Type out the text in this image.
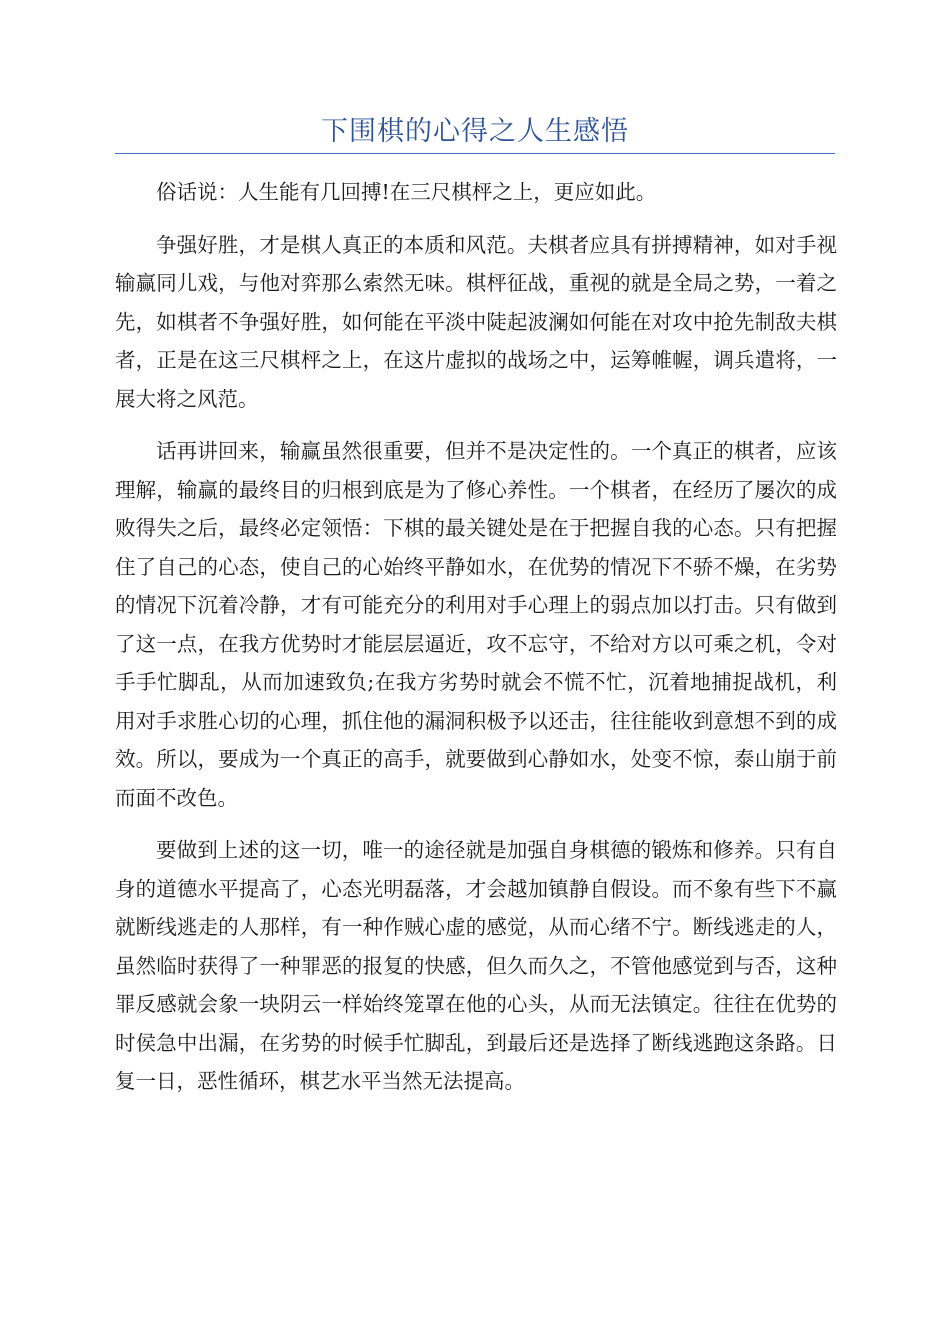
下围棋的心得之人生感悟

俗话说：人生能有几回搏!在三尺棋枰之上，更应如此。

争强好胜，才是棋人真正的本质和风范。夫棋者应具有拼搏精神，如对手视输赢同儿戏，与他对弈那么索然无味。棋枰征战，重视的就是全局之势，一着之先，如棋者不争强好胜，如何能在平淡中陡起波澜如何能在对攻中抢先制敌夫棋者，正是在这三尺棋枰之上，在这片虚拟的战场之中，运筹帷幄，调兵遣将，一展大将之风范。

话再讲回来，输赢虽然很重要，但并不是决定性的。一个真正的棋者，应该理解，输赢的最终目的归根到底是为了修心养性。一个棋者，在经历了屡次的成败得失之后，最终必定领悟：下棋的最关键处是在于把握自我的心态。只有把握住了自己的心态，使自己的心始终平静如水，在优势的情况下不骄不燥，在劣势的情况下沉着冷静，才有可能充分的利用对手心理上的弱点加以打击。只有做到了这一点，在我方优势时才能层层逼近，攻不忘守，不给对方以可乘之机，令对手手忙脚乱，从而加速致负;在我方劣势时就会不慌不忙，沉着地捕捉战机，利用对手求胜心切的心理，抓住他的漏洞积极予以还击，往往能收到意想不到的成效。所以，要成为一个真正的高手，就要做到心静如水，处变不惊，泰山崩于前而面不改色。

要做到上述的这一切，唯一的途径就是加强自身棋德的锻炼和修养。只有自身的道德水平提高了，心态光明磊落，才会越加镇静自假设。而不象有些下不赢就断线逃走的人那样，有一种作贼心虚的感觉，从而心绪不宁。断线逃走的人，虽然临时获得了一种罪恶的报复的快感，但久而久之，不管他感觉到与否，这种罪反感就会象一块阴云一样始终笼罩在他的心头，从而无法镇定。往往在优势的时侯急中出漏，在劣势的时候手忙脚乱，到最后还是选择了断线逃跑这条路。日复一日，恶性循环，棋艺水平当然无法提高。
